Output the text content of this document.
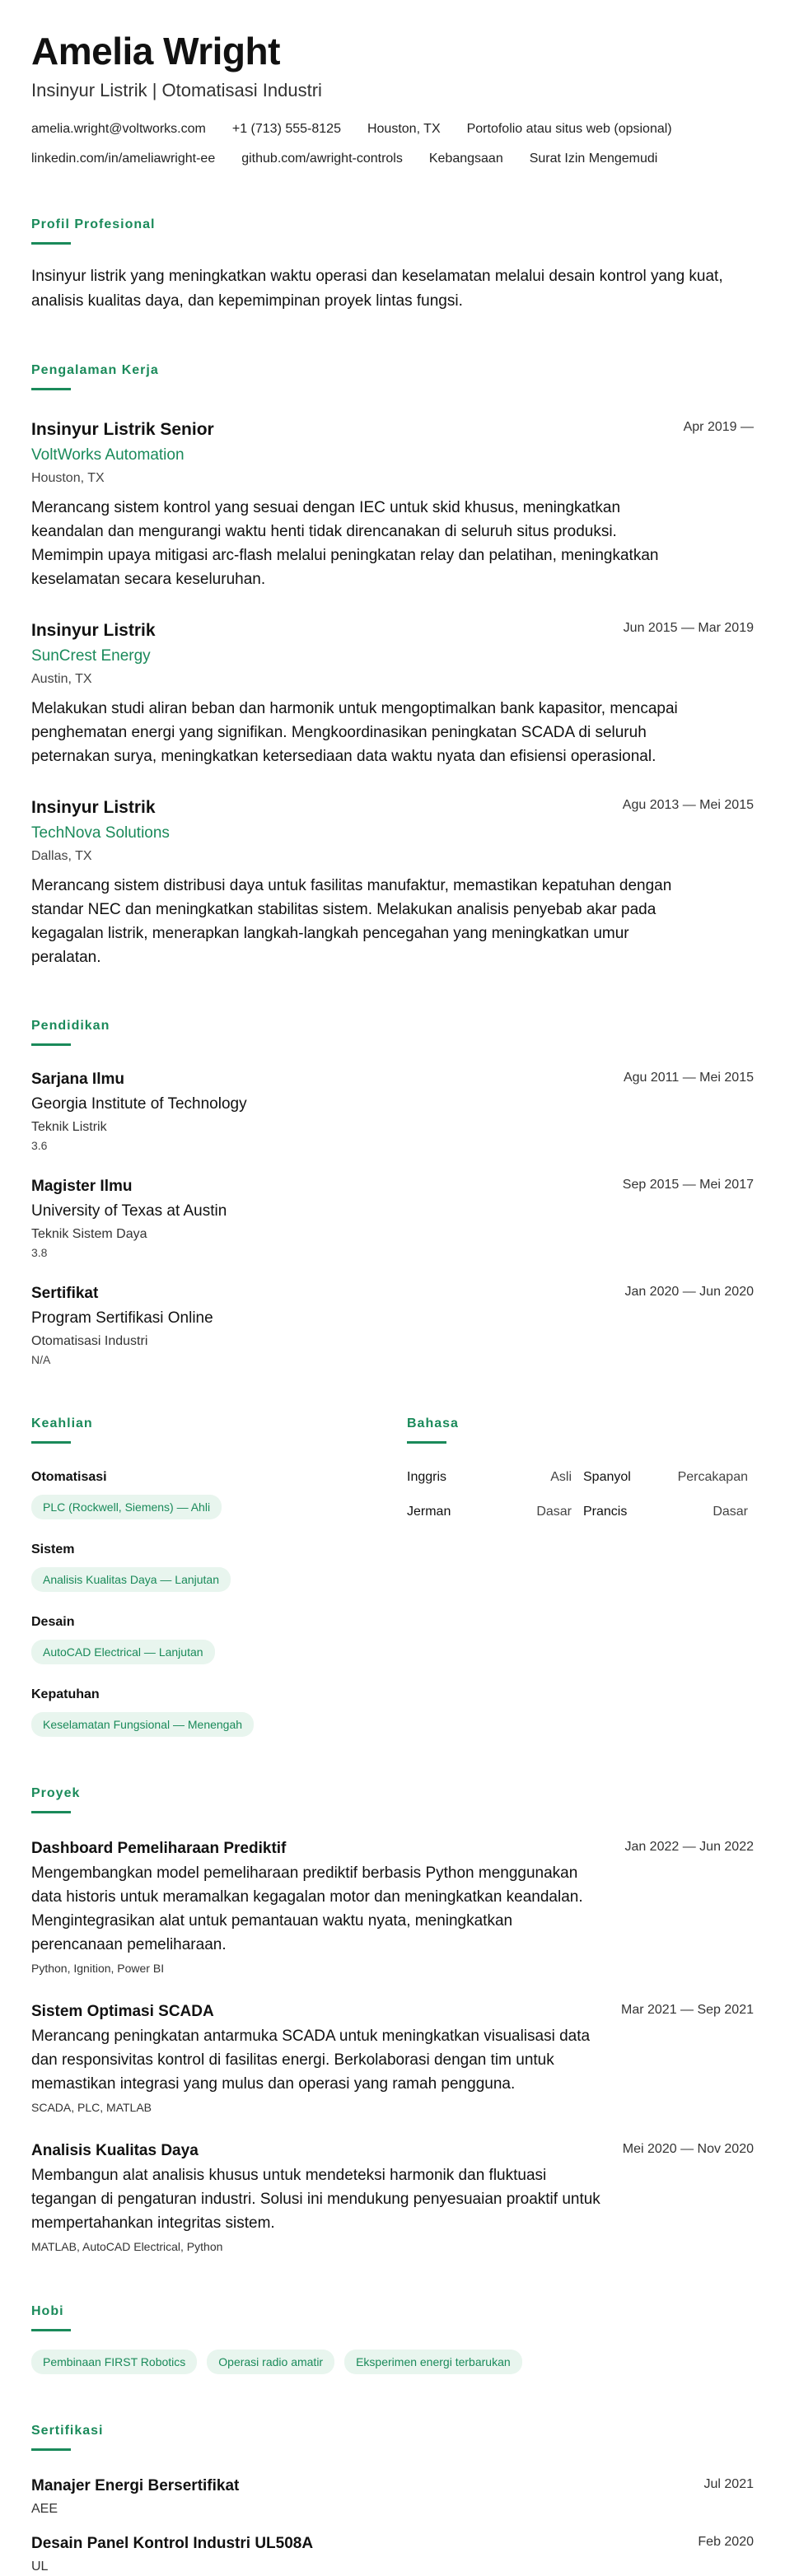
Amelia Wright
Insinyur Listrik | Otomatisasi Industri
amelia.wright@voltworks.com +1 (713) 555-8125 Houston, TX Portofolio atau situs web (opsional)
linkedin.com/in/ameliawright-ee github.com/awright-controls Kebangsaan Surat Izin Mengemudi
Profil Profesional

Insinyur listrik yang meningkatkan waktu operasi dan keselamatan melalui desain kontrol yang kuat, analisis kualitas daya, dan kepemimpinan proyek lintas fungsi.

Pengalaman Kerja
Insinyur Listrik Senior	Apr 2019 —
VoltWorks Automation
Houston, TX
Merancang sistem kontrol yang sesuai dengan IEC untuk skid khusus, meningkatkan keandalan dan mengurangi waktu henti tidak direncanakan di seluruh situs produksi. Memimpin upaya mitigasi arc-flash melalui peningkatan relay dan pelatihan, meningkatkan keselamatan secara keseluruhan.
Insinyur Listrik	Jun 2015 — Mar 2019
SunCrest Energy
Austin, TX
Melakukan studi aliran beban dan harmonik untuk mengoptimalkan bank kapasitor, mencapai penghematan energi yang signifikan. Mengkoordinasikan peningkatan SCADA di seluruh peternakan surya, meningkatkan ketersediaan data waktu nyata dan efisiensi operasional.
Insinyur Listrik	Agu 2013 — Mei 2015
TechNova Solutions
Dallas, TX
Merancang sistem distribusi daya untuk fasilitas manufaktur, memastikan kepatuhan dengan standar NEC dan meningkatkan stabilitas sistem. Melakukan analisis penyebab akar pada kegagalan listrik, menerapkan langkah-langkah pencegahan yang meningkatkan umur peralatan.
Pendidikan
Sarjana Ilmu	Agu 2011 — Mei 2015
Georgia Institute of Technology
Teknik Listrik
3.6
Magister Ilmu	Sep 2015 — Mei 2017
University of Texas at Austin
Teknik Sistem Daya
3.8
Sertifikat	Jan 2020 — Jun 2020
Program Sertifikasi Online
Otomatisasi Industri
N/A
Keahlian
Otomatisasi
PLC (Rockwell, Siemens) — Ahli
Sistem
Analisis Kualitas Daya — Lanjutan
Desain
AutoCAD Electrical — Lanjutan
Kepatuhan
Keselamatan Fungsional — Menengah
Bahasa
Inggris	Asli Spanyol	Percakapan
Jerman	Dasar Prancis	Dasar
Proyek
Dashboard Pemeliharaan Prediktif	Jan 2022 — Jun 2022
Mengembangkan model pemeliharaan prediktif berbasis Python menggunakan data historis untuk meramalkan kegagalan motor dan meningkatkan keandalan. Mengintegrasikan alat untuk pemantauan waktu nyata, meningkatkan perencanaan pemeliharaan.
Python, Ignition, Power BI
Sistem Optimasi SCADA	Mar 2021 — Sep 2021
Merancang peningkatan antarmuka SCADA untuk meningkatkan visualisasi data dan responsivitas kontrol di fasilitas energi. Berkolaborasi dengan tim untuk memastikan integrasi yang mulus dan operasi yang ramah pengguna.
SCADA, PLC, MATLAB
Analisis Kualitas Daya	Mei 2020 — Nov 2020
Membangun alat analisis khusus untuk mendeteksi harmonik dan fluktuasi tegangan di pengaturan industri. Solusi ini mendukung penyesuaian proaktif untuk mempertahankan integritas sistem.
MATLAB, AutoCAD Electrical, Python
Hobi
Pembinaan FIRST Robotics	Operasi radio amatir	Eksperimen energi terbarukan
Sertifikasi
Manajer Energi Bersertifikat	Jul 2021
AEE
Desain Panel Kontrol Industri UL508A	Feb 2020
UL
